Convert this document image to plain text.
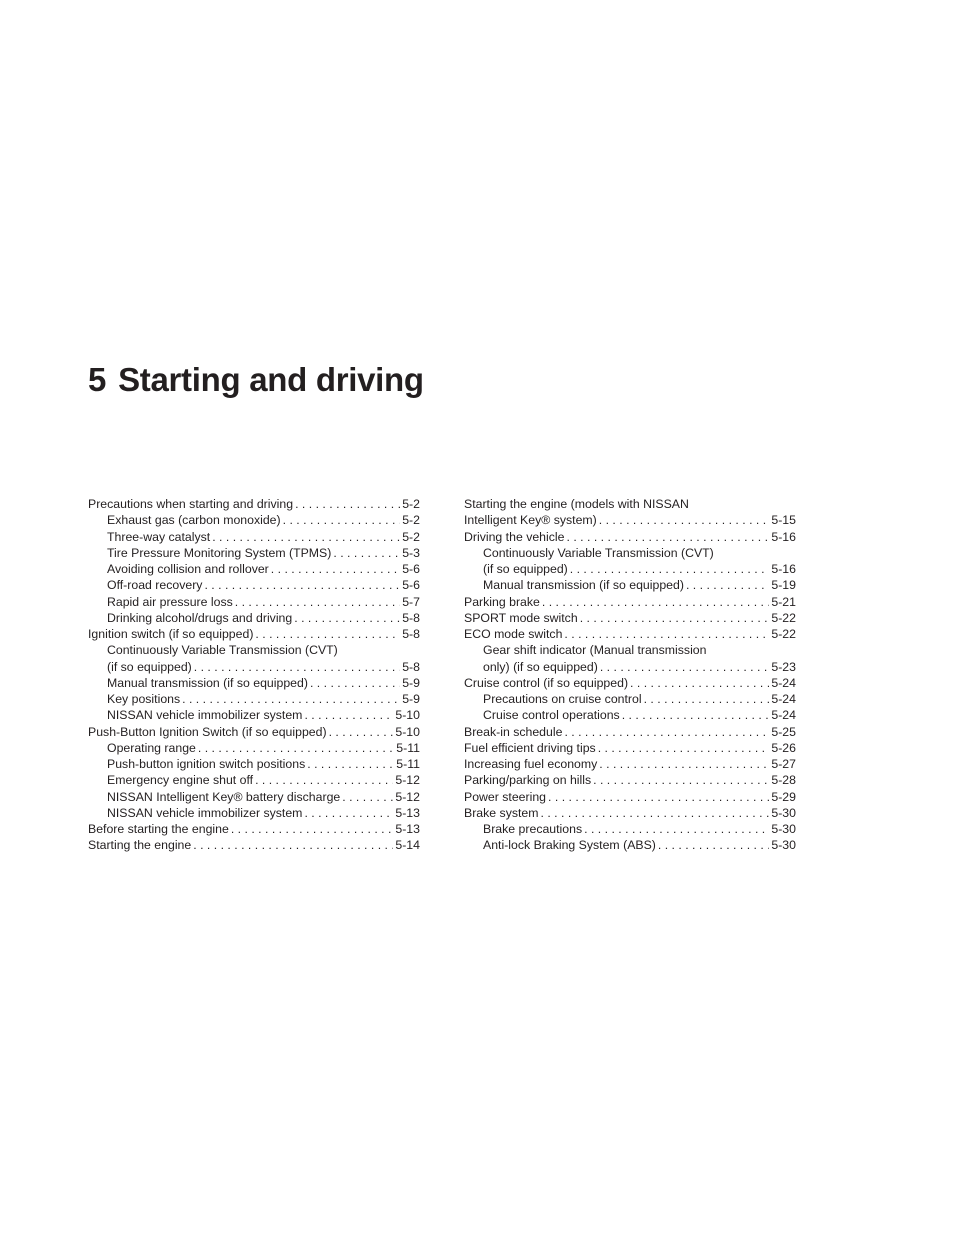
5 Starting and driving
Precautions when starting and driving . . .	5-2
Exhaust gas (carbon monoxide) . . .	5-2
Three-way catalyst . . .	5-2
Tire Pressure Monitoring System (TPMS) . . .	5-3
Avoiding collision and rollover . . .	5-6
Off-road recovery . . .	5-6
Rapid air pressure loss . . .	5-7
Drinking alcohol/drugs and driving . . .	5-8
Ignition switch (if so equipped) . . .	5-8
Continuously Variable Transmission (CVT)
(if so equipped) . . .	5-8
Manual transmission (if so equipped) . . .	5-9
Key positions . . .	5-9
NISSAN vehicle immobilizer system . . .	5-10
Push-Button Ignition Switch (if so equipped) . . .	5-10
Operating range . . .	5-11
Push-button ignition switch positions . . .	5-11
Emergency engine shut off . . .	5-12
NISSAN Intelligent Key® battery discharge . . .	5-12
NISSAN vehicle immobilizer system . . .	5-13
Before starting the engine . . .	5-13
Starting the engine . . .	5-14
Starting the engine (models with NISSAN
Intelligent Key® system) . . .	5-15
Driving the vehicle . . .	5-16
Continuously Variable Transmission (CVT)
(if so equipped) . . .	5-16
Manual transmission (if so equipped) . . .	5-19
Parking brake . . .	5-21
SPORT mode switch . . .	5-22
ECO mode switch . . .	5-22
Gear shift indicator (Manual transmission
only) (if so equipped) . . .	5-23
Cruise control (if so equipped) . . .	5-24
Precautions on cruise control . . .	5-24
Cruise control operations . . .	5-24
Break-in schedule . . .	5-25
Fuel efficient driving tips . . .	5-26
Increasing fuel economy . . .	5-27
Parking/parking on hills . . .	5-28
Power steering . . .	5-29
Brake system . . .	5-30
Brake precautions . . .	5-30
Anti-lock Braking System (ABS) . . .	5-30
